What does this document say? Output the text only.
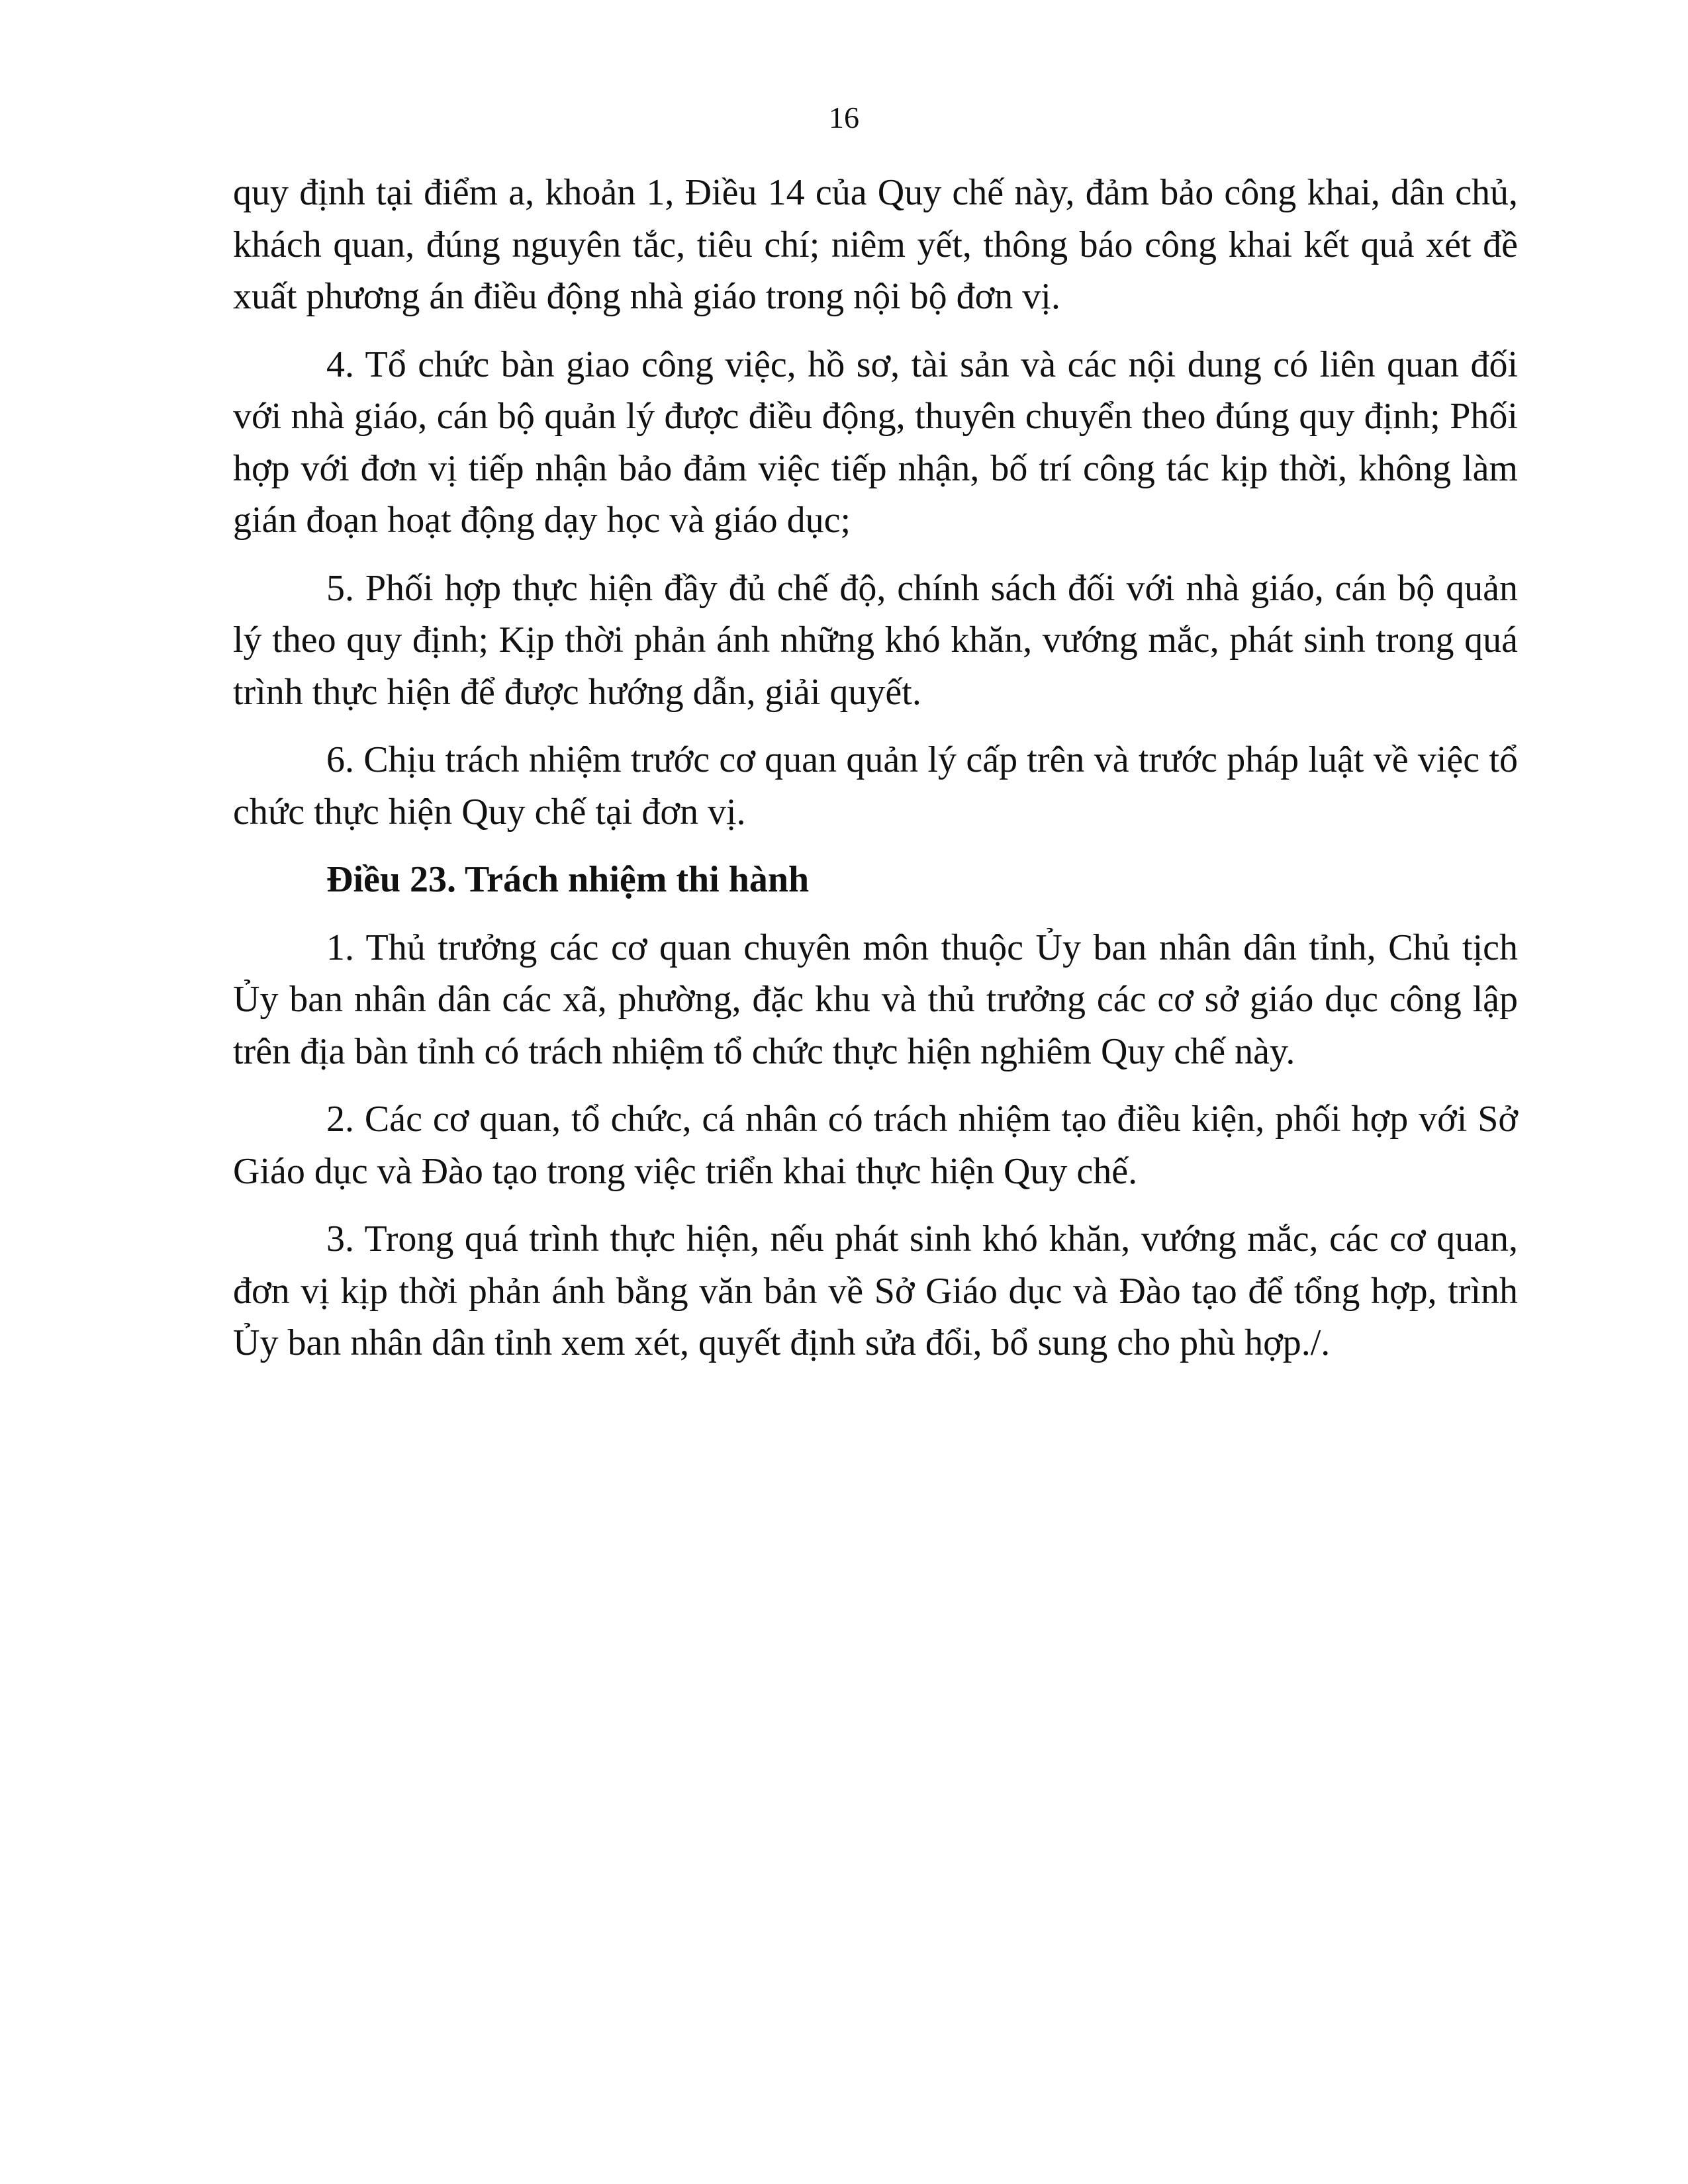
16

quy định tại điểm a, khoản 1, Điều 14 của Quy chế này, đảm bảo công khai, dân chủ, khách quan, đúng nguyên tắc, tiêu chí; niêm yết, thông báo công khai kết quả xét đề xuất phương án điều động nhà giáo trong nội bộ đơn vị.

4. Tổ chức bàn giao công việc, hồ sơ, tài sản và các nội dung có liên quan đối với nhà giáo, cán bộ quản lý được điều động, thuyên chuyển theo đúng quy định; Phối hợp với đơn vị tiếp nhận bảo đảm việc tiếp nhận, bố trí công tác kịp thời, không làm gián đoạn hoạt động dạy học và giáo dục;

5. Phối hợp thực hiện đầy đủ chế độ, chính sách đối với nhà giáo, cán bộ quản lý theo quy định; Kịp thời phản ánh những khó khăn, vướng mắc, phát sinh trong quá trình thực hiện để được hướng dẫn, giải quyết.

6. Chịu trách nhiệm trước cơ quan quản lý cấp trên và trước pháp luật về việc tổ chức thực hiện Quy chế tại đơn vị.

Điều 23. Trách nhiệm thi hành

1. Thủ trưởng các cơ quan chuyên môn thuộc Ủy ban nhân dân tỉnh, Chủ tịch Ủy ban nhân dân các xã, phường, đặc khu và thủ trưởng các cơ sở giáo dục công lập trên địa bàn tỉnh có trách nhiệm tổ chức thực hiện nghiêm Quy chế này.

2. Các cơ quan, tổ chức, cá nhân có trách nhiệm tạo điều kiện, phối hợp với Sở Giáo dục và Đào tạo trong việc triển khai thực hiện Quy chế.

3. Trong quá trình thực hiện, nếu phát sinh khó khăn, vướng mắc, các cơ quan, đơn vị kịp thời phản ánh bằng văn bản về Sở Giáo dục và Đào tạo để tổng hợp, trình Ủy ban nhân dân tỉnh xem xét, quyết định sửa đổi, bổ sung cho phù hợp./.
